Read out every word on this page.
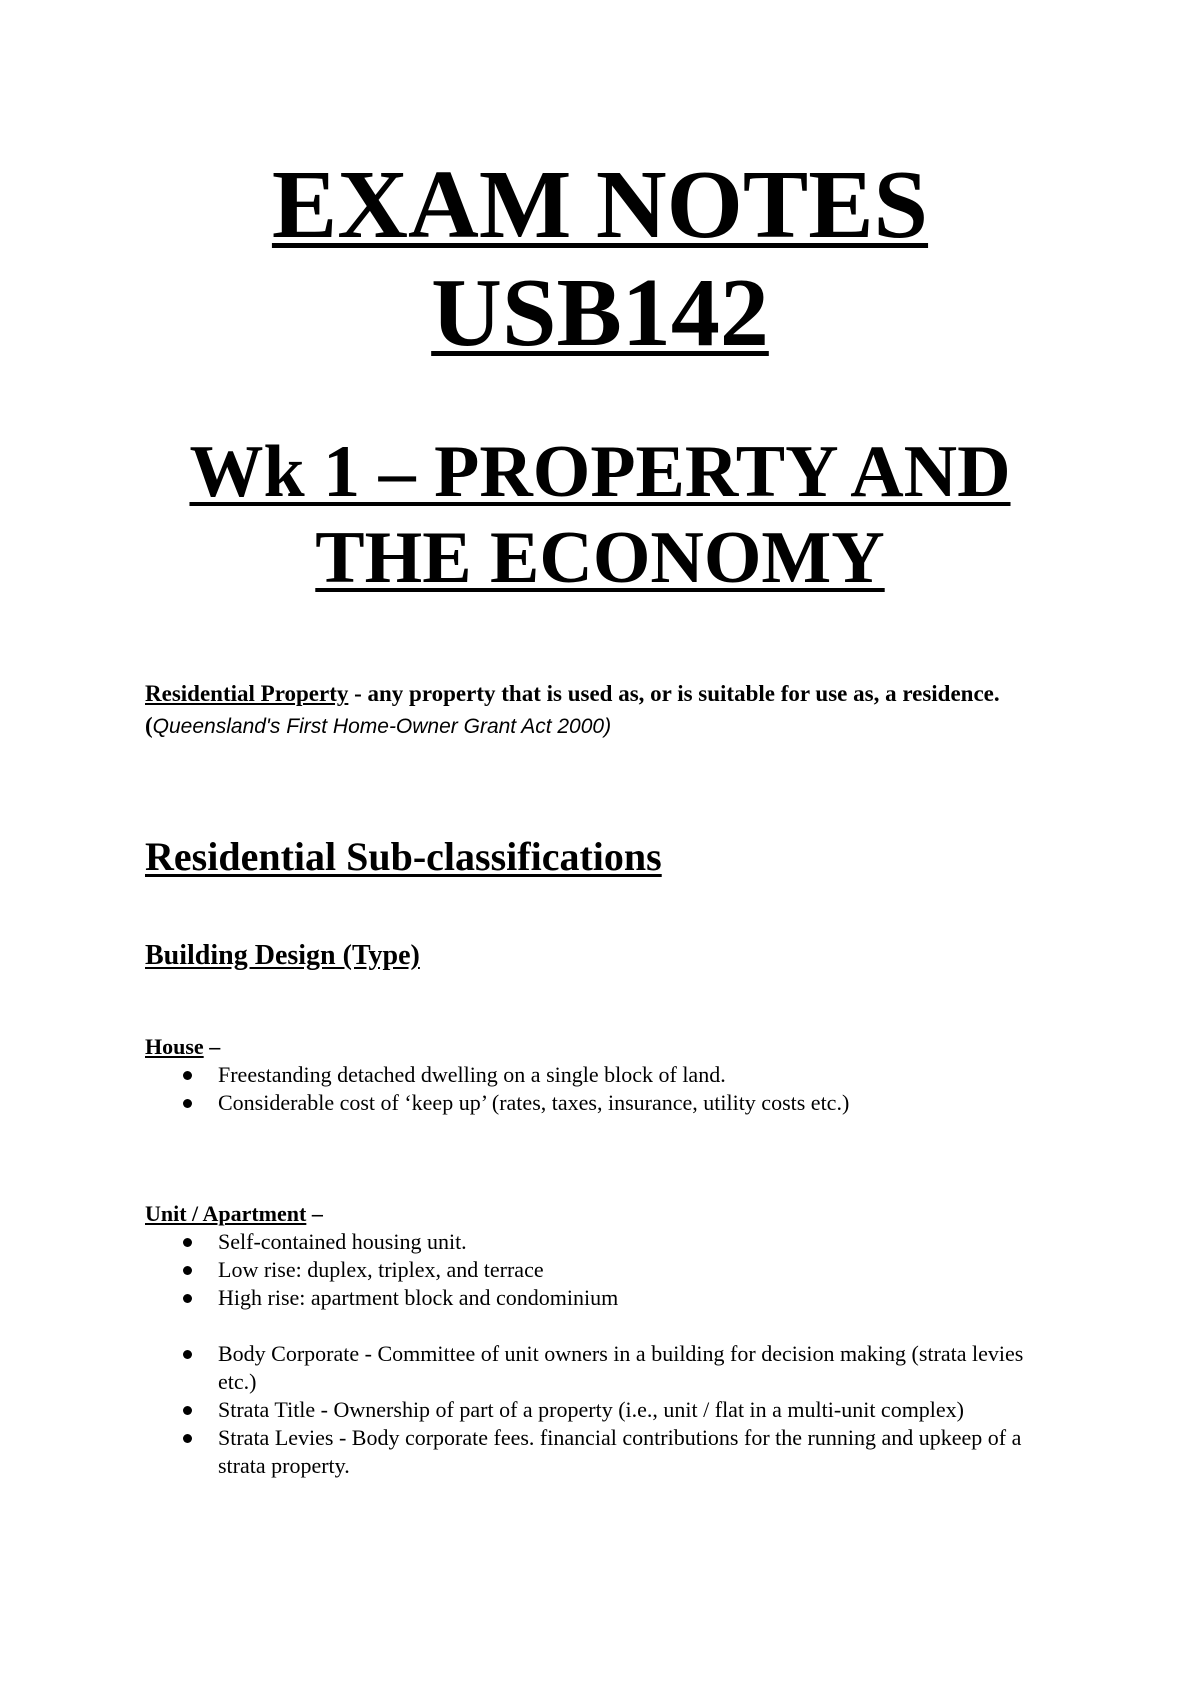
EXAM NOTES
USB142
Wk 1 – PROPERTY AND
THE ECONOMY

Residential Property - any property that is used as, or is suitable for use as, a residence. (Queensland's First Home-Owner Grant Act 2000)

Residential Sub-classifications
Building Design (Type)
House –
Freestanding detached dwelling on a single block of land.
Considerable cost of ‘keep up’ (rates, taxes, insurance, utility costs etc.)
Unit / Apartment –
Self-contained housing unit.
Low rise: duplex, triplex, and terrace
High rise: apartment block and condominium
Body Corporate - Committee of unit owners in a building for decision making (strata levies etc.)
Strata Title - Ownership of part of a property (i.e., unit / flat in a multi-unit complex)
Strata Levies - Body corporate fees. financial contributions for the running and upkeep of a strata property.
